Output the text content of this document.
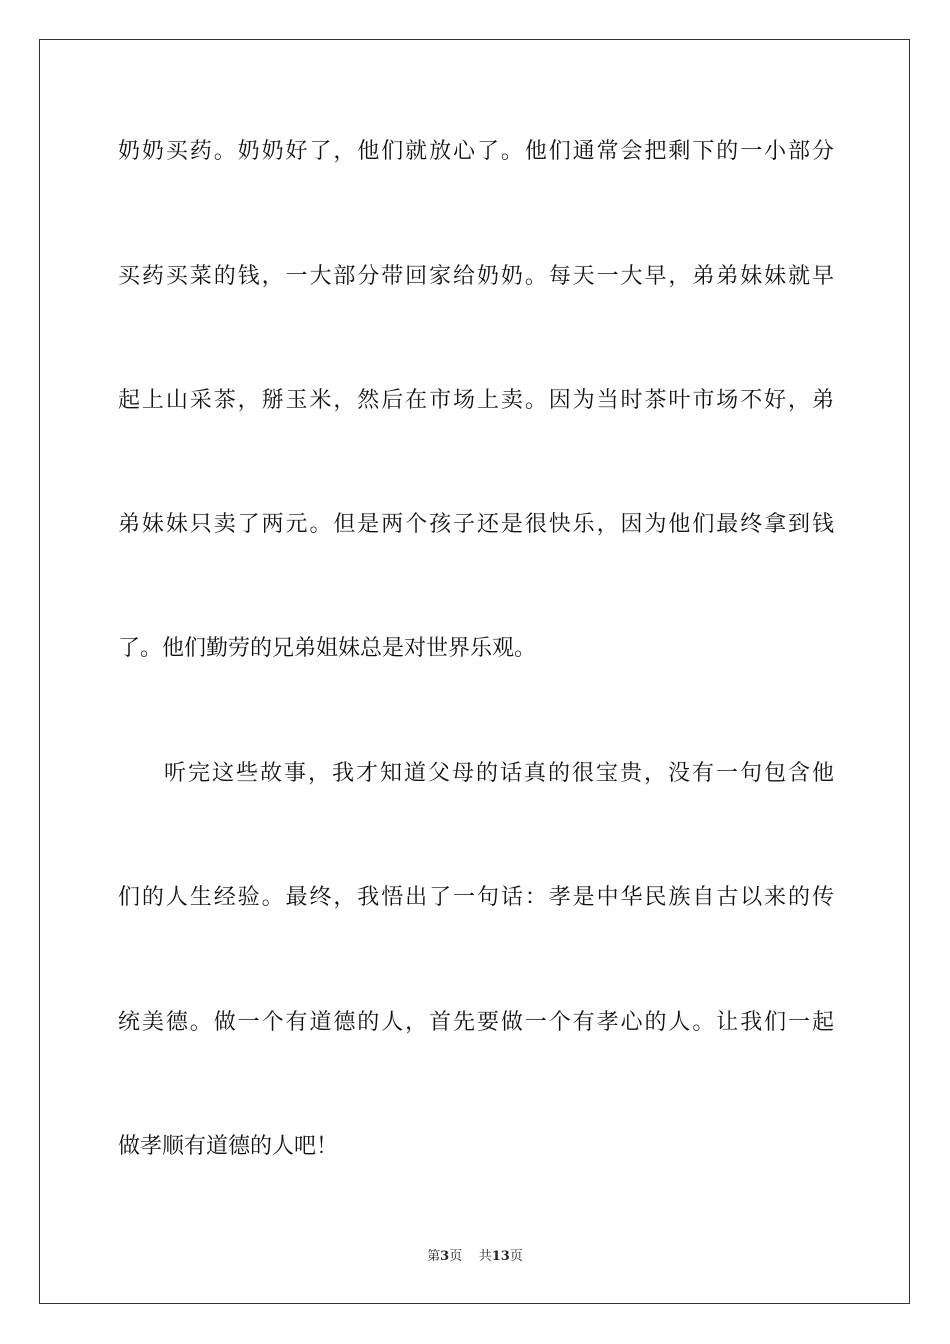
奶奶买药。奶奶好了，他们就放心了。他们通常会把剩下的一小部分
买药买菜的钱，一大部分带回家给奶奶。每天一大早，弟弟妹妹就早
起上山采茶，掰玉米，然后在市场上卖。因为当时茶叶市场不好，弟
弟妹妹只卖了两元。但是两个孩子还是很快乐，因为他们最终拿到钱
了。他们勤劳的兄弟姐妹总是对世界乐观。
听完这些故事，我才知道父母的话真的很宝贵，没有一句包含他
们的人生经验。最终，我悟出了一句话：孝是中华民族自古以来的传
统美德。做一个有道德的人，首先要做一个有孝心的人。让我们一起
做孝顺有道德的人吧！
第3页 共13页
